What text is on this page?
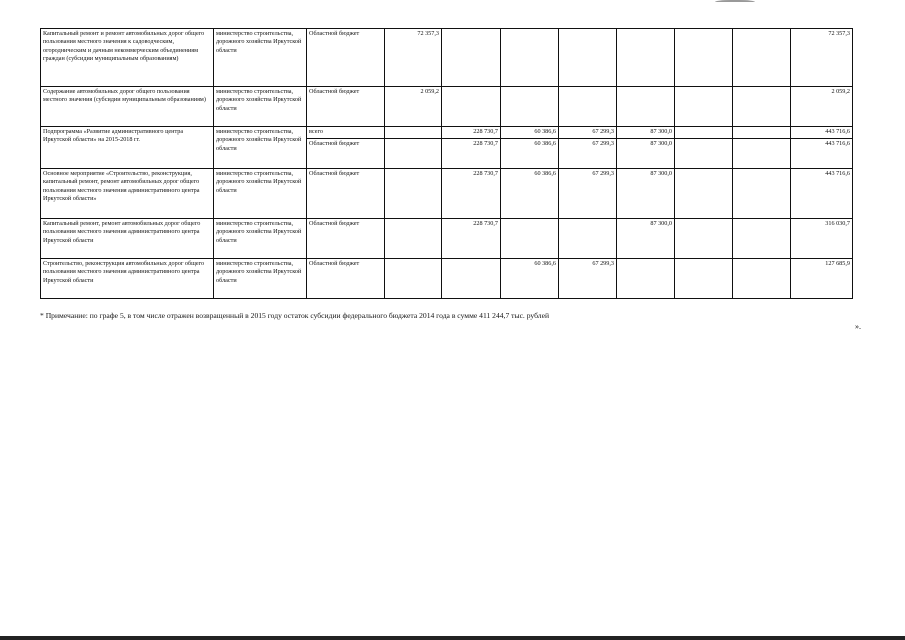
Капитальный ремонт и ремонт автомобильных дорог общего пользования местного значения к садоводческим, огородническим и дачным некоммерческим объединениям граждан (субсидии муниципальным образованиям)	министерство строительства, дорожного хозяйства Иркутской области	Областной бюджет	72 357,3							72 357,3
Содержание автомобильных дорог общего пользования местного значения (субсидии муниципальным образованиям)	министерство строительства, дорожного хозяйства Иркутской области	Областной бюджет	2 059,2							2 059,2
Подпрограмма «Развитие административного центра Иркутской области» на 2015-2018 гг.	министерство строительства, дорожного хозяйства Иркутской области	всего		228 730,7	60 386,6	67 299,3	87 300,0			443 716,6
		Областной бюджет		228 730,7	60 386,6	67 299,3	87 300,0			443 716,6
Основное мероприятие «Строительство, реконструкция, капитальный ремонт, ремонт автомобильных дорог общего пользования местного значения административного центра Иркутской области»	министерство строительства, дорожного хозяйства Иркутской области	Областной бюджет		228 730,7	60 386,6	67 299,3	87 300,0			443 716,6
Капитальный ремонт, ремонт автомобильных дорог общего пользования местного значения административного центра Иркутской области	министерство строительства, дорожного хозяйства Иркутской области	Областной бюджет		228 730,7			87 300,0			316 030,7
Строительство, реконструкция автомобильных дорог общего пользования местного значения административного центра Иркутской области	министерство строительства, дорожного хозяйства Иркутской области	Областной бюджет			60 386,6	67 299,3				127 685,9
* Примечание: по графе 5, в том числе отражен возвращенный в 2015 году остаток субсидии федерального бюджета 2014 года в сумме 411 244,7 тыс. рублей
».
